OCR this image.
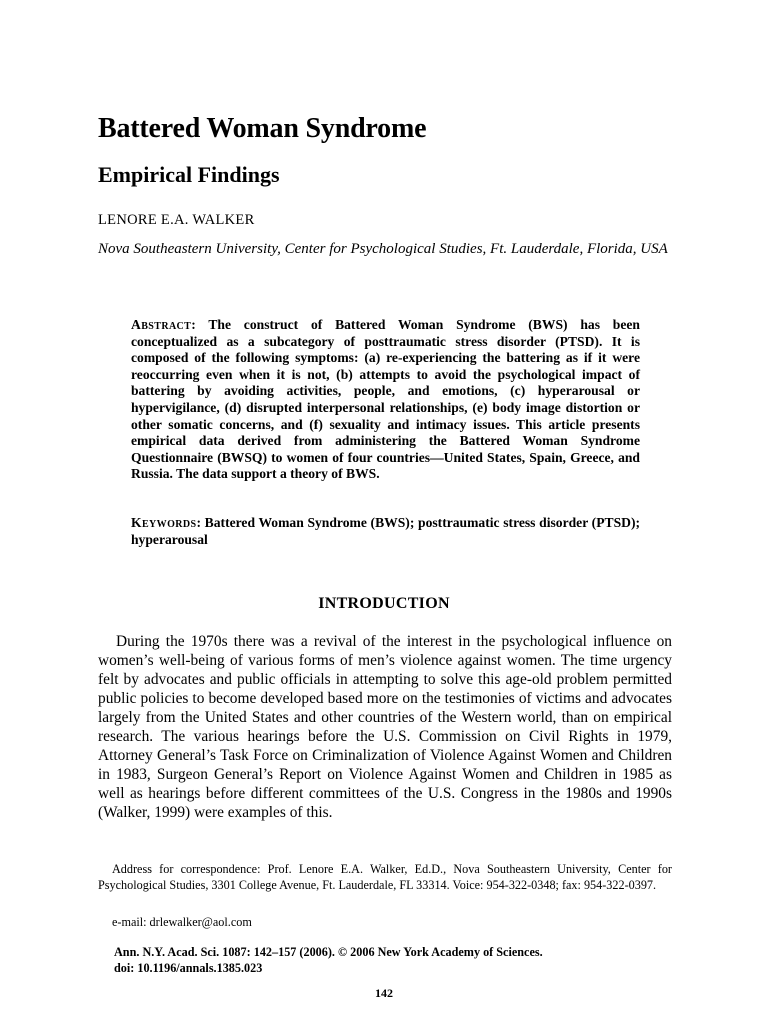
Battered Woman Syndrome
Empirical Findings
LENORE E.A. WALKER
Nova Southeastern University, Center for Psychological Studies, Ft. Lauderdale, Florida, USA
Abstract: The construct of Battered Woman Syndrome (BWS) has been conceptualized as a subcategory of posttraumatic stress disorder (PTSD). It is composed of the following symptoms: (a) re-experiencing the battering as if it were reoccurring even when it is not, (b) attempts to avoid the psychological impact of battering by avoiding activities, people, and emotions, (c) hyperarousal or hypervigilance, (d) disrupted interpersonal relationships, (e) body image distortion or other somatic concerns, and (f) sexuality and intimacy issues. This article presents empirical data derived from administering the Battered Woman Syndrome Questionnaire (BWSQ) to women of four countries—United States, Spain, Greece, and Russia. The data support a theory of BWS.
Keywords: Battered Woman Syndrome (BWS); posttraumatic stress disorder (PTSD); hyperarousal
INTRODUCTION

During the 1970s there was a revival of the interest in the psychological influence on women’s well-being of various forms of men’s violence against women. The time urgency felt by advocates and public officials in attempting to solve this age-old problem permitted public policies to become developed based more on the testimonies of victims and advocates largely from the United States and other countries of the Western world, than on empirical research. The various hearings before the U.S. Commission on Civil Rights in 1979, Attorney General’s Task Force on Criminalization of Violence Against Women and Children in 1983, Surgeon General’s Report on Violence Against Women and Children in 1985 as well as hearings before different committees of the U.S. Congress in the 1980s and 1990s (Walker, 1999) were examples of this.

Address for correspondence: Prof. Lenore E.A. Walker, Ed.D., Nova Southeastern University, Center for Psychological Studies, 3301 College Avenue, Ft. Lauderdale, FL 33314. Voice: 954-322-0348; fax: 954-322-0397.
e-mail: drlewalker@aol.com
Ann. N.Y. Acad. Sci. 1087: 142–157 (2006). © 2006 New York Academy of Sciences.
doi: 10.1196/annals.1385.023
142
